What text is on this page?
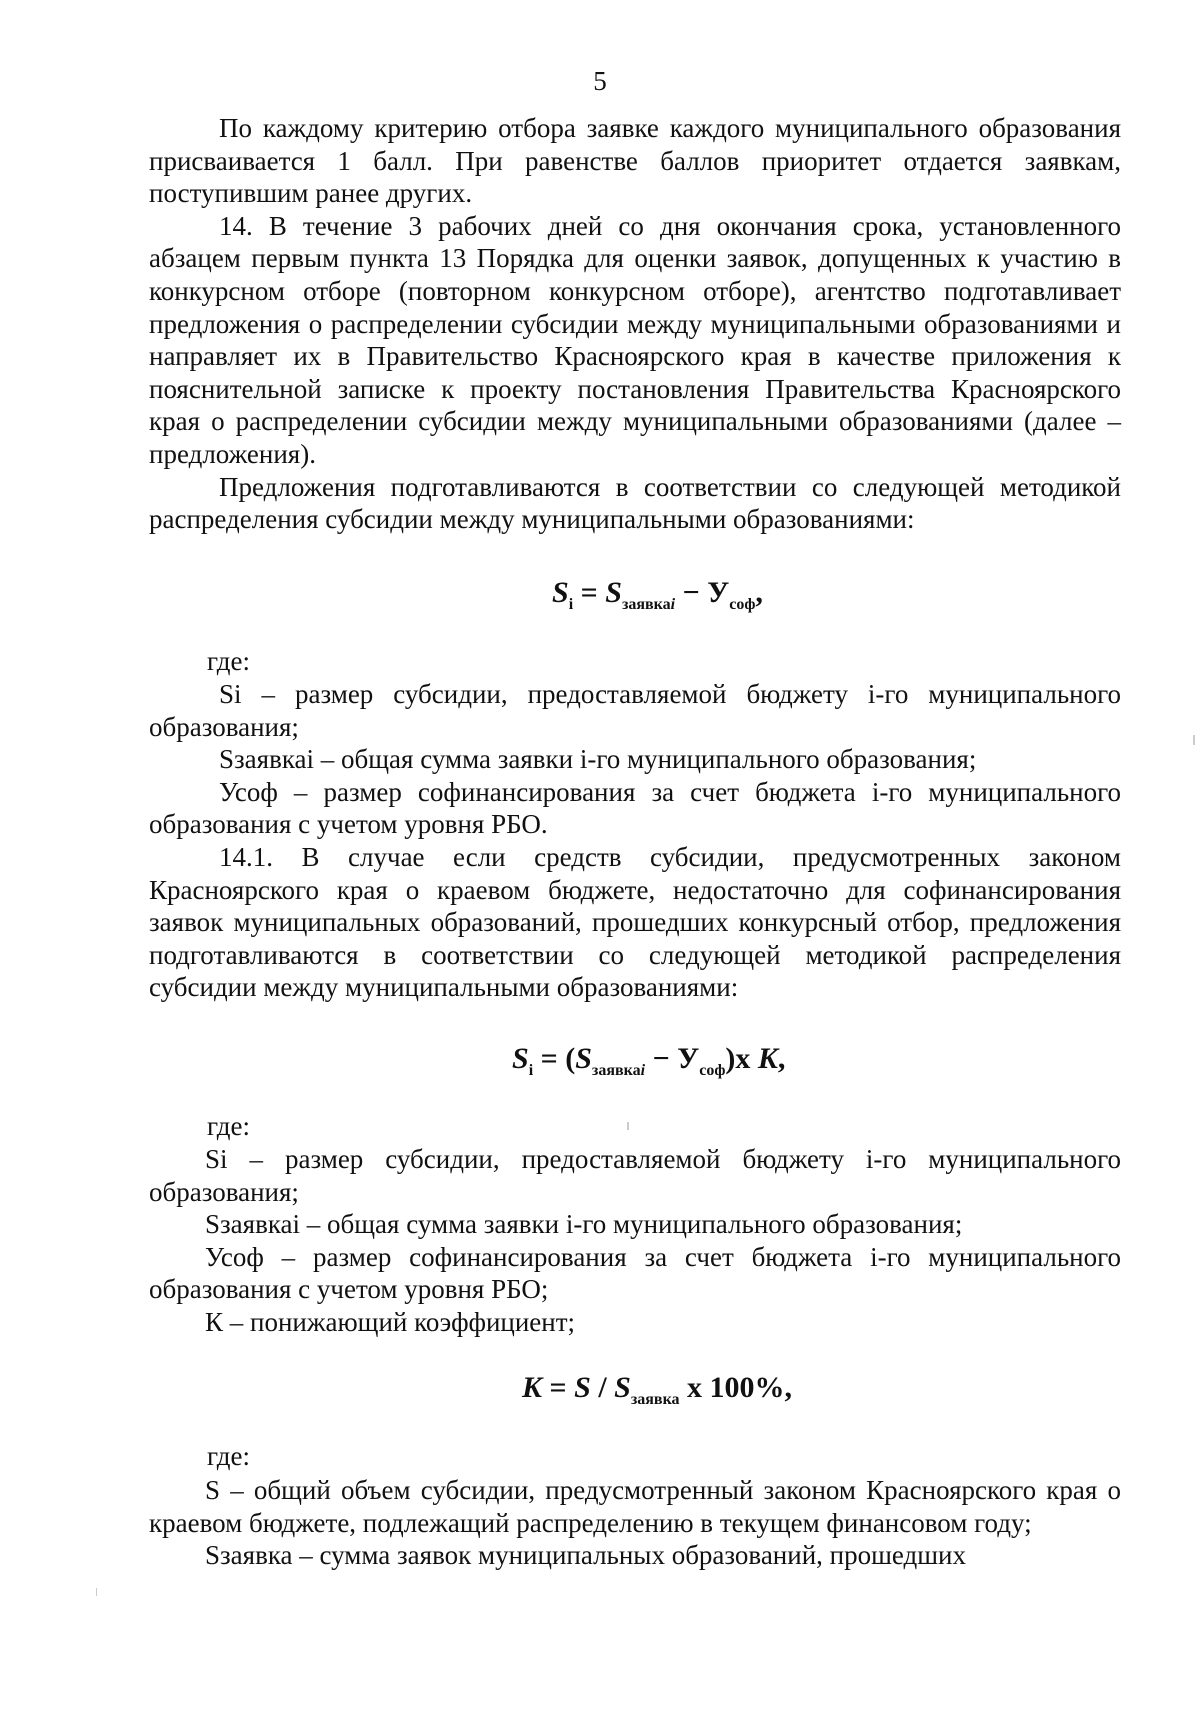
5

По каждому критерию отбора заявке каждого муниципального образования присваивается 1 балл. При равенстве баллов приоритет отдается заявкам, поступившим ранее других.

14. В течение 3 рабочих дней со дня окончания срока, установленного абзацем первым пункта 13 Порядка для оценки заявок, допущенных к участию в конкурсном отборе (повторном конкурсном отборе), агентство подготавливает предложения о распределении субсидии между муниципальными образованиями и направляет их в Правительство Красноярского края в качестве приложения к пояснительной записке к проекту постановления Правительства Красноярского края о распределении субсидии между муниципальными образованиями (далее – предложения).

Предложения подготавливаются в соответствии со следующей методикой распределения субсидии между муниципальными образованиями:

$S_i = S_{заявкаi} - У_{соф}$,
где:

Si – размер субсидии, предоставляемой бюджету i-го муниципального образования;

Sзаявкаi – общая сумма заявки i-го муниципального образования;

Усоф – размер софинансирования за счет бюджета i-го муниципального образования с учетом уровня РБО.

14.1. В случае если средств субсидии, предусмотренных законом Красноярского края о краевом бюджете, недостаточно для софинансирования заявок муниципальных образований, прошедших конкурсный отбор, предложения подготавливаются в соответствии со следующей методикой распределения субсидии между муниципальными образованиями:

$S_i = (S_{заявкаi} - У_{соф})x$ K,
где:

Si – размер субсидии, предоставляемой бюджету i-го муниципального образования;

Sзаявкаi – общая сумма заявки i-го муниципального образования;

Усоф – размер софинансирования за счет бюджета i-го муниципального образования с учетом уровня РБО;

К – понижающий коэффициент;

$K = S / S_{заявка}$ x 100%,
где:

S – общий объем субсидии, предусмотренный законом Красноярского края о краевом бюджете, подлежащий распределению в текущем финансовом году;

Sзаявка – сумма заявок муниципальных образований, прошедших
